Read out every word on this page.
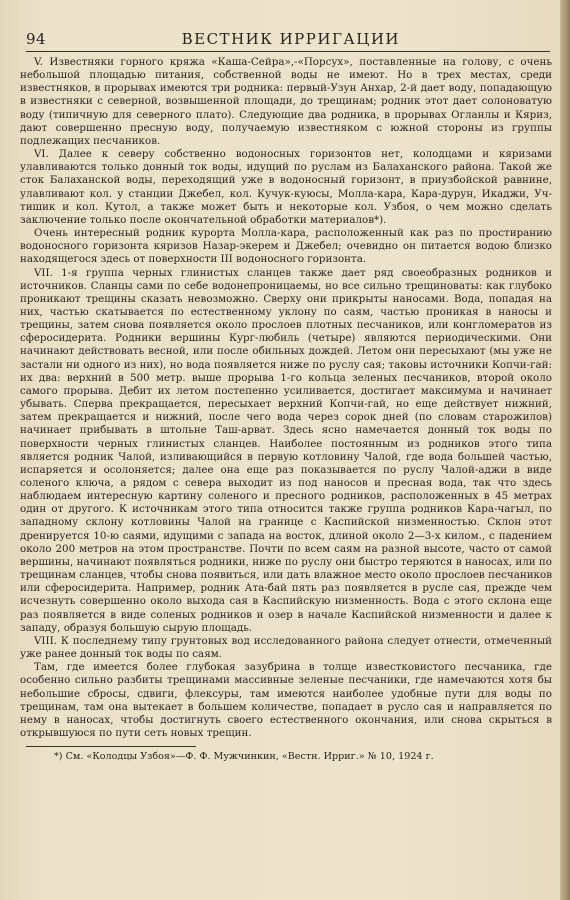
94	ВЕСТНИК ИРРИГАЦИИ

V. Известняки горного кряжа «Каша-Сейра»,-«Порсух», поставленные на голову, с очень небольшой площадью питания, собственной воды не имеют. Но в трех местах, среди известняков, в прорывах имеются три родника: первый-Узун Анхар, 2-й дает воду, попадающую в известняки с северной, возвышенной площади, до трещинам; родник этот дает солоноватую воду (типичную для северного плато). Следующие два родника, в прорывах Огланлы и Кяриз, дают совершенно пресную воду, получаемую известняком с южной стороны из группы подлежащих песчаников.

VI. Далее к северу собственно водоносных горизонтов нет, колодцами и кяризами улавливаются только донный ток воды, идущий по руслам из Балаханского района. Такой же сток Балаханской воды, переходящий уже в водоносный горизонт, в приузбойской равнине, улавливают кол. у станции Джебел, кол. Кучук-куюсы, Молла-кара, Кара-дурун, Икаджи, Уч-тишик и кол. Кутол, а также может быть и некоторые кол. Узбоя, о чем можно сделать заключение только после окончательной обработки материалов*).

Очень интересный родник курорта Молла-кара, расположенный как раз по простиранию водоносного горизонта кяризов Назар-экерем и Джебел; очевидно он питается водою близко находящегося здесь от поверхности III водоносного горизонта.

VII. 1-я группа черных глинистых сланцев также дает ряд своеобразных родников и источников. Сланцы сами по себе водонепроницаемы, но все сильно трещиноваты: как глубоко проникают трещины сказать невозможно. Сверху они прикрыты наносами. Вода, попадая на них, частью скатывается по естественному уклону по саям, частью проникая в наносы и трещины, затем снова появляется около прослоев плотных песчаников, или конгломератов из сферосидерита. Родники вершины Кург-любиль (четыре) являются периодическими. Они начинают действовать весной, или после обильных дождей. Летом они пересыхают (мы уже не застали ни одного из них), но вода появляется ниже по руслу сая; таковы источники Копчи-гай: их два: верхний в 500 метр. выше прорыва 1-го кольца зеленых песчаников, второй около самого прорыва. Дебит их летом постепенно усиливается, достигает максимума и начинает убывать. Сперва прекращается, пересыхает верхний Копчи-гай, но еще действует нижний, затем прекращается и нижний, после чего вода через сорок дней (по словам старожилов) начинает прибывать в штольне Таш-арват. Здесь ясно намечается донный ток воды по поверхности черных глинистых сланцев. Наиболее постоянным из родников этого типа является родник Чалой, изливающийся в первую котловину Чалой, где вода большей частью, испаряется и осолоняется; далее она еще раз показывается по руслу Чалой-аджи в виде соленого ключа, а рядом с севера выходит из под наносов и пресная вода, так что здесь наблюдаем интересную картину соленого и пресного родников, расположенных в 45 метрах один от другого. К источникам этого типа относится также группа родников Кара-чагыл, по западному склону котловины Чалой на границе с Каспийской низменностью. Склон этот дренируется 10-ю саями, идущими с запада на восток, длиной около 2—3-х килом., с падением около 200 метров на этом пространстве. Почти по всем саям на разной высоте, часто от самой вершины, начинают появляться родники, ниже по руслу они быстро теряются в наносах, или по трещинам сланцев, чтобы снова появиться, или дать влажное место около прослоев песчаников или сферосидерита. Например, родник Ата-бай пять раз появляется в русле сая, прежде чем исчезнуть совершенно около выхода сая в Каспийскую низменность. Вода с этого склона еще раз появляется в виде соленых родников и озер в начале Каспийской низменности и далее к западу, образуя большую сырую площадь.

VIII. К последнему типу грунтовых вод исследованного района следует отнести, отмеченный уже ранее донный ток воды по саям.

Там, где имеется более глубокая зазубрина в толще известковистого песчаника, где особенно сильно разбиты трещинами массивные зеленые песчаники, где намечаются хотя бы небольшие сбросы, сдвиги, флексуры, там имеются наиболее удобные пути для воды по трещинам, там она вытекает в большем количестве, попадает в русло сая и направляется по нему в наносах, чтобы достигнуть своего естественного окончания, или снова скрыться в открывшуюся по пути сеть новых трещин.

*) См. «Колодцы Узбоя»—Ф. Ф. Мужчинкин, «Вестн. Ирриг.» № 10, 1924 г.
